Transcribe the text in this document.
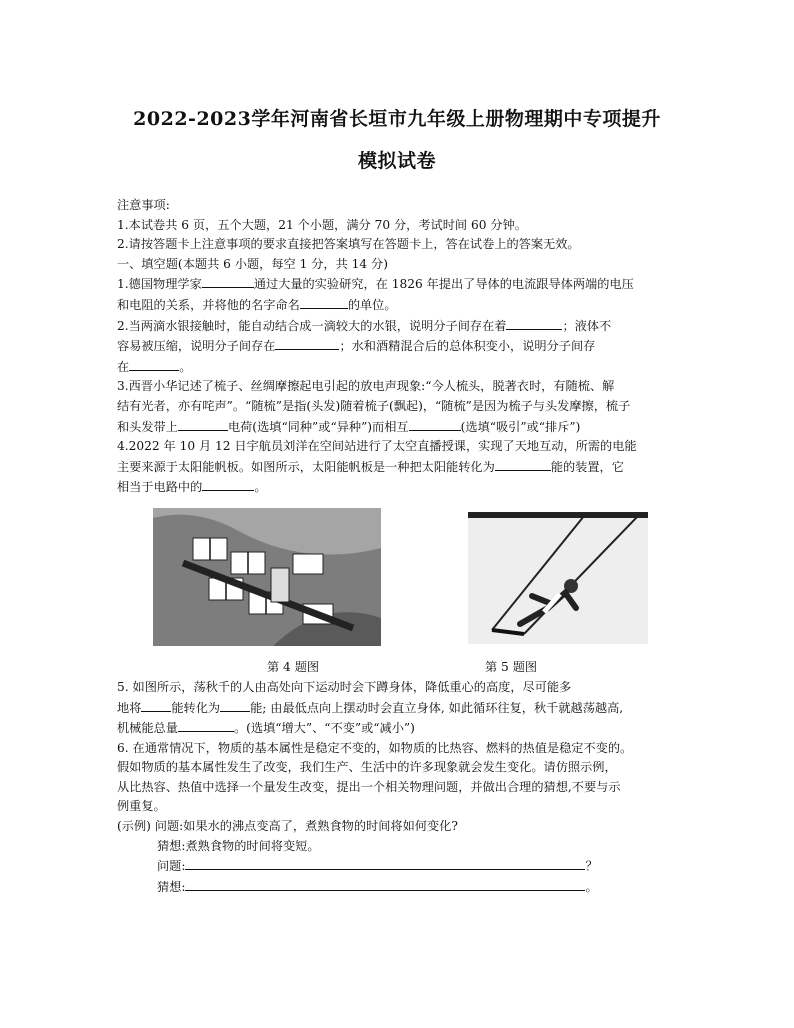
2022-2023学年河南省长垣市九年级上册物理期中专项提升
模拟试卷

注意事项:

1.本试卷共 6 页，五个大题，21 个小题，满分 70 分，考试时间 60 分钟。

2.请按答题卡上注意事项的要求直接把答案填写在答题卡上，答在试卷上的答案无效。

一、填空题(本题共 6 小题，每空 1 分，共 14 分)

1.德国物理学家	通过大量的实验研究，在 1826 年提出了导体的电流跟导体两端的电压

和电阻的关系，并将他的名字命名	的单位。

2.当两滴水银接触时，能自动结合成一滴较大的水银，说明分子间存在着	；液体不

容易被压缩，说明分子间存在	；水和酒精混合后的总体积变小，说明分子间存

在	。

3.西晋小华记述了梳子、丝绸摩擦起电引起的放电声现象:“今人梳头，脱著衣时，有随梳、解

结有光者，亦有咤声”。“随梳”是指(头发)随着梳子(飘起)，“随梳”是因为梳子与头发摩擦，梳子

和头发带上	电荷(选填“同种”或“异种”)而相互	(选填“吸引”或“排斥”)

4.2022 年 10 月 12 日宇航员刘洋在空间站进行了太空直播授课，实现了天地互动，所需的电能

主要来源于太阳能帆板。如图所示，太阳能帆板是一种把太阳能转化为	能的装置，它

相当于电路中的	。

第 4 题图	第 5 题图

5. 如图所示，荡秋千的人由高处向下运动时会下蹲身体，降低重心的高度，尽可能多

地将 能转化为 能; 由最低点向上摆动时会直立身体, 如此循环往复，秋千就越荡越高,

机械能总量	。(选填“增大”、“不变”或“减小”)

6. 在通常情况下，物质的基本属性是稳定不变的，如物质的比热容、燃料的热值是稳定不变的。

假如物质的基本属性发生了改变，我们生产、生活中的许多现象就会发生变化。请仿照示例，

从比热容、热值中选择一个量发生改变，提出一个相关物理问题，并做出合理的猜想,不要与示

例重复。

(示例) 问题:如果水的沸点变高了，煮熟食物的时间将如何变化?

猜想:煮熟食物的时间将变短。

问题:	？

猜想:	。
